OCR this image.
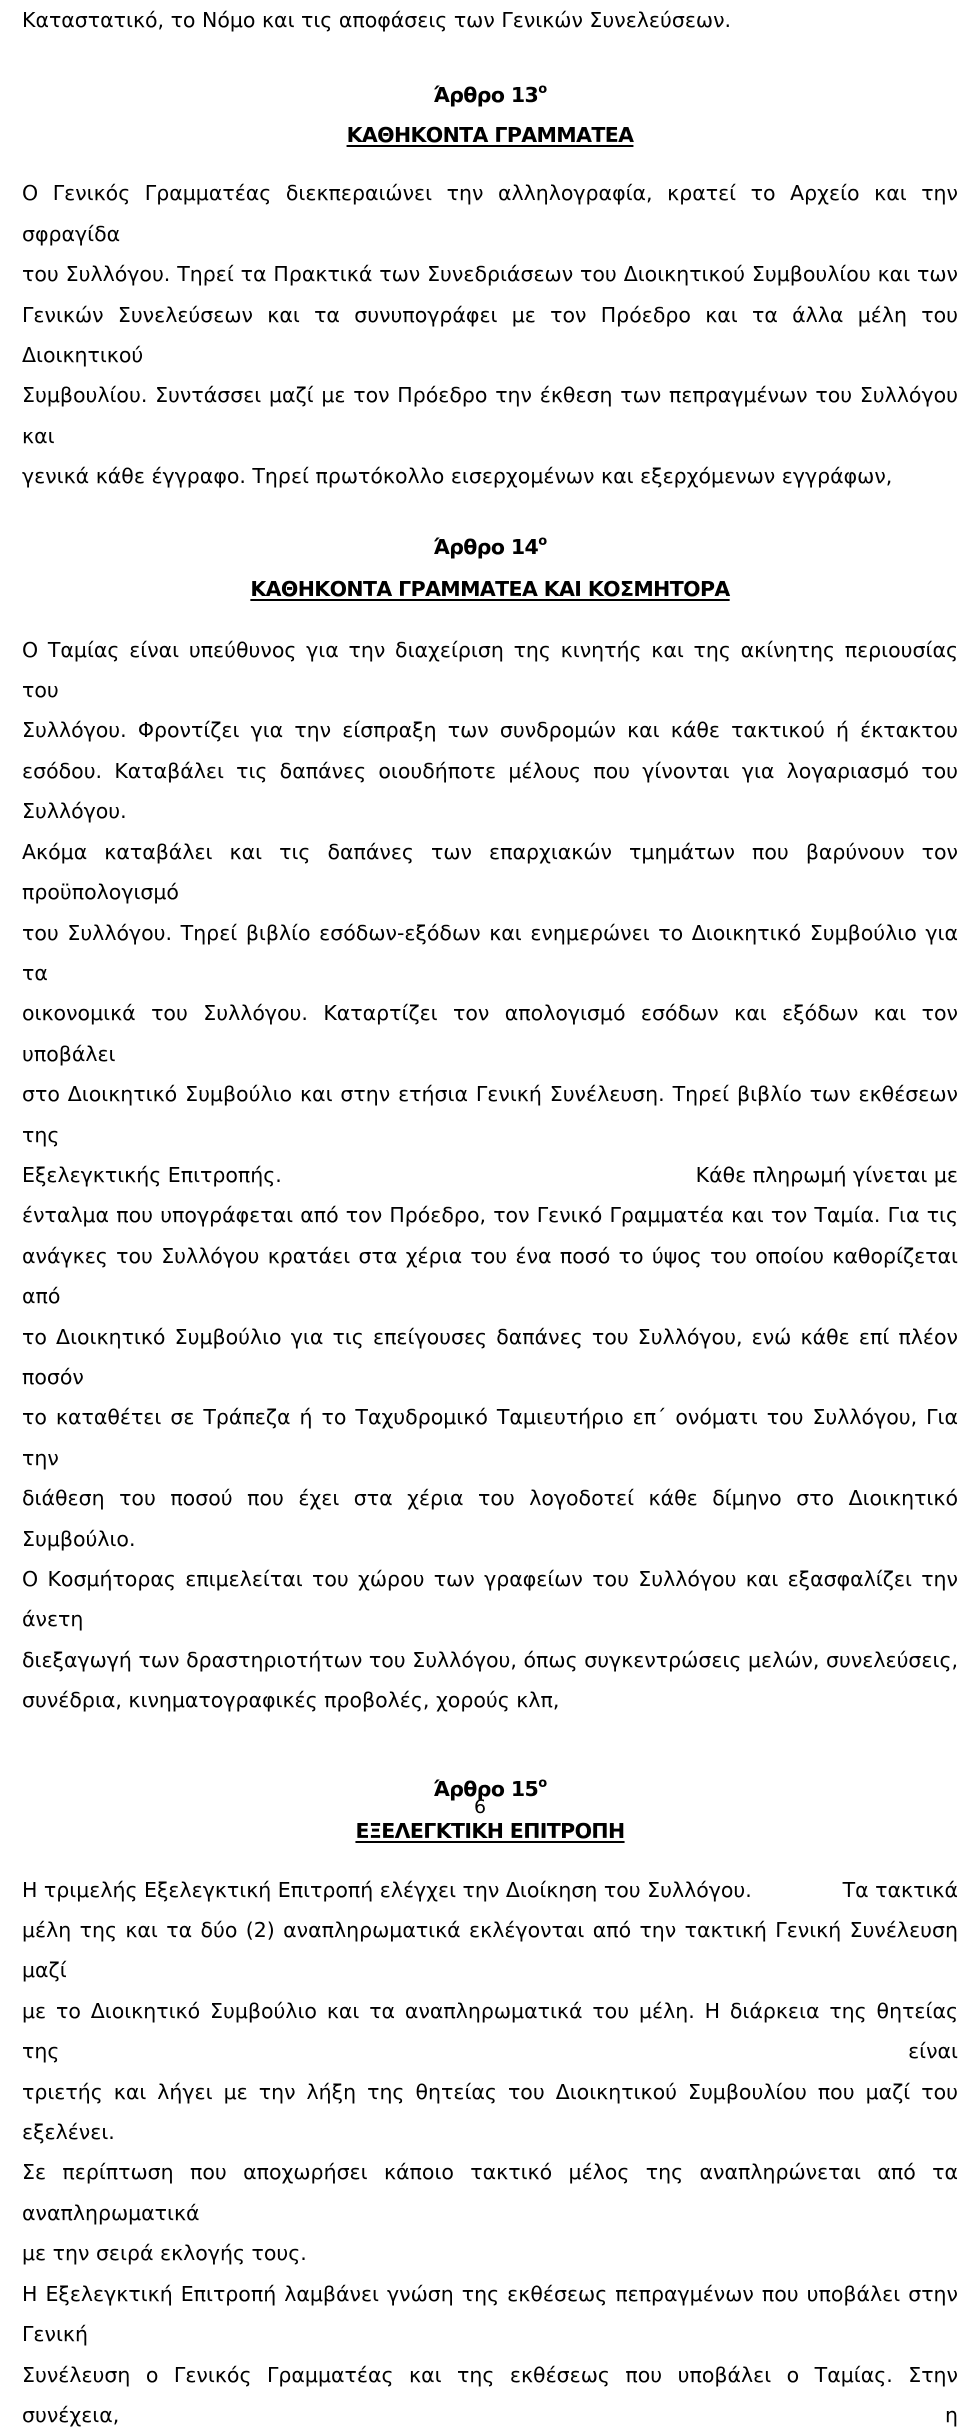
Καταστατικό, το Νόμο και τις αποφάσεις των Γενικών Συνελεύσεων.

Άρθρο $13^o$
ΚΑΘΗΚΟΝΤΑ ΓΡΑΜΜΑΤΕΑ
Ο Γενικός Γραμματέας διεκπεραιώνει την αλληλογραφία, κρατεί το Αρχείο και την σφραγίδα
του Συλλόγου. Τηρεί τα Πρακτικά των Συνεδριάσεων του Διοικητικού Συμβουλίου και των
Γενικών Συνελεύσεων και τα συνυπογράφει με τον Πρόεδρο και τα άλλα μέλη του Διοικητικού
Συμβουλίου. Συντάσσει μαζί με τον Πρόεδρο την έκθεση των πεπραγμένων του Συλλόγου και
γενικά κάθε έγγραφο. Τηρεί πρωτόκολλο εισερχομένων και εξερχόμενων εγγράφων,
Άρθρο $14^o$
ΚΑΘΗΚΟΝΤΑ ΓΡΑΜΜΑΤΕΑ ΚΑΙ ΚΟΣΜΗΤΟΡΑ
Ο Ταμίας είναι υπεύθυνος για την διαχείριση της κινητής και της ακίνητης περιουσίας του
Συλλόγου. Φροντίζει για την είσπραξη των συνδρομών και κάθε τακτικού ή έκτακτου
εσόδου. Καταβάλει τις δαπάνες οιουδήποτε μέλους που γίνονται για λογαριασμό του Συλλόγου.
Ακόμα καταβάλει και τις δαπάνες των επαρχιακών τμημάτων που βαρύνουν τον προϋπολογισμό
του Συλλόγου. Τηρεί βιβλίο εσόδων-εξόδων και ενημερώνει το Διοικητικό Συμβούλιο για τα
οικονομικά του Συλλόγου. Καταρτίζει τον απολογισμό εσόδων και εξόδων και τον υποβάλει
στο Διοικητικό Συμβούλιο και στην ετήσια Γενική Συνέλευση. Τηρεί βιβλίο των εκθέσεων της
Εξελεγκτικής Επιτροπής.	Κάθε πληρωμή γίνεται με
ένταλμα που υπογράφεται από τον Πρόεδρο, τον Γενικό Γραμματέα και τον Ταμία. Για τις
ανάγκες του Συλλόγου κρατάει στα χέρια του ένα ποσό το ύψος του οποίου καθορίζεται από
το Διοικητικό Συμβούλιο για τις επείγουσες δαπάνες του Συλλόγου, ενώ κάθε επί πλέον ποσόν
το καταθέτει σε Τράπεζα ή το Ταχυδρομικό Ταμιευτήριο επ΄ ονόματι του Συλλόγου, Για την
διάθεση του ποσού που έχει στα χέρια του λογοδοτεί κάθε δίμηνο στο Διοικητικό Συμβούλιο.
Ο Κοσμήτορας επιμελείται του χώρου των γραφείων του Συλλόγου και εξασφαλίζει την άνετη
διεξαγωγή των δραστηριοτήτων του Συλλόγου, όπως συγκεντρώσεις μελών, συνελεύσεις,
συνέδρια, κινηματογραφικές προβολές, χορούς κλπ,
Άρθρο $15^o$
ΕΞΕΛΕΓΚΤΙΚΗ ΕΠΙΤΡΟΠΗ
Η τριμελής Εξελεγκτική Επιτροπή ελέγχει την Διοίκηση του Συλλόγου.	Τα τακτικά
μέλη της και τα δύο (2) αναπληρωματικά εκλέγονται από την τακτική Γενική Συνέλευση μαζί
με το Διοικητικό Συμβούλιο και τα αναπληρωματικά του μέλη. Η διάρκεια της θητείας της είναι
τριετής και λήγει με την λήξη της θητείας του Διοικητικού Συμβουλίου που μαζί του εξελένει.
Σε περίπτωση που αποχωρήσει κάποιο τακτικό μέλος της αναπληρώνεται από τα αναπληρωματικά
με την σειρά εκλογής τους.
Η Εξελεγκτική Επιτροπή λαμβάνει γνώση της εκθέσεως πεπραγμένων που υποβάλει στην Γενική
Συνέλευση ο Γενικός Γραμματέας και της εκθέσεως που υποβάλει ο Ταμίας. Στην συνέχεια, η
6
